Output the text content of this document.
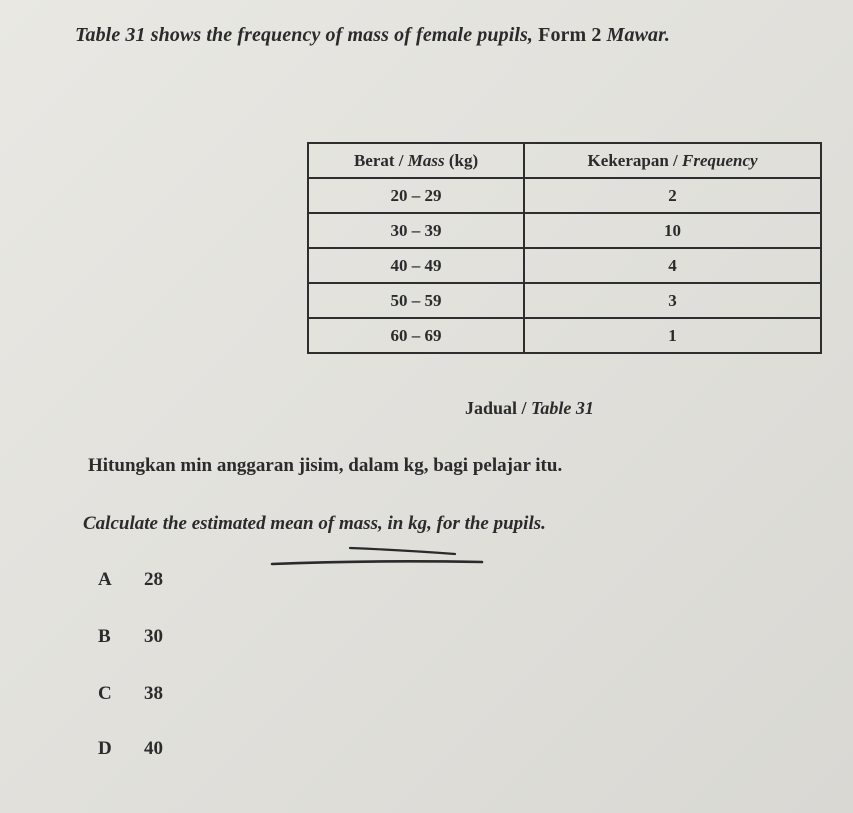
Table 31 shows the frequency of mass of female pupils, Form 2 Mawar.
Berat / Mass (kg)	Kekerapan / Frequency
20 – 29	2
30 – 39	10
40 – 49	4
50 – 59	3
60 – 69	1
Jadual / Table 31
Hitungkan min anggaran jisim, dalam kg, bagi pelajar itu.
Calculate the estimated mean of mass, in kg, for the pupils.
A 28
B 30
C 38
D 40
